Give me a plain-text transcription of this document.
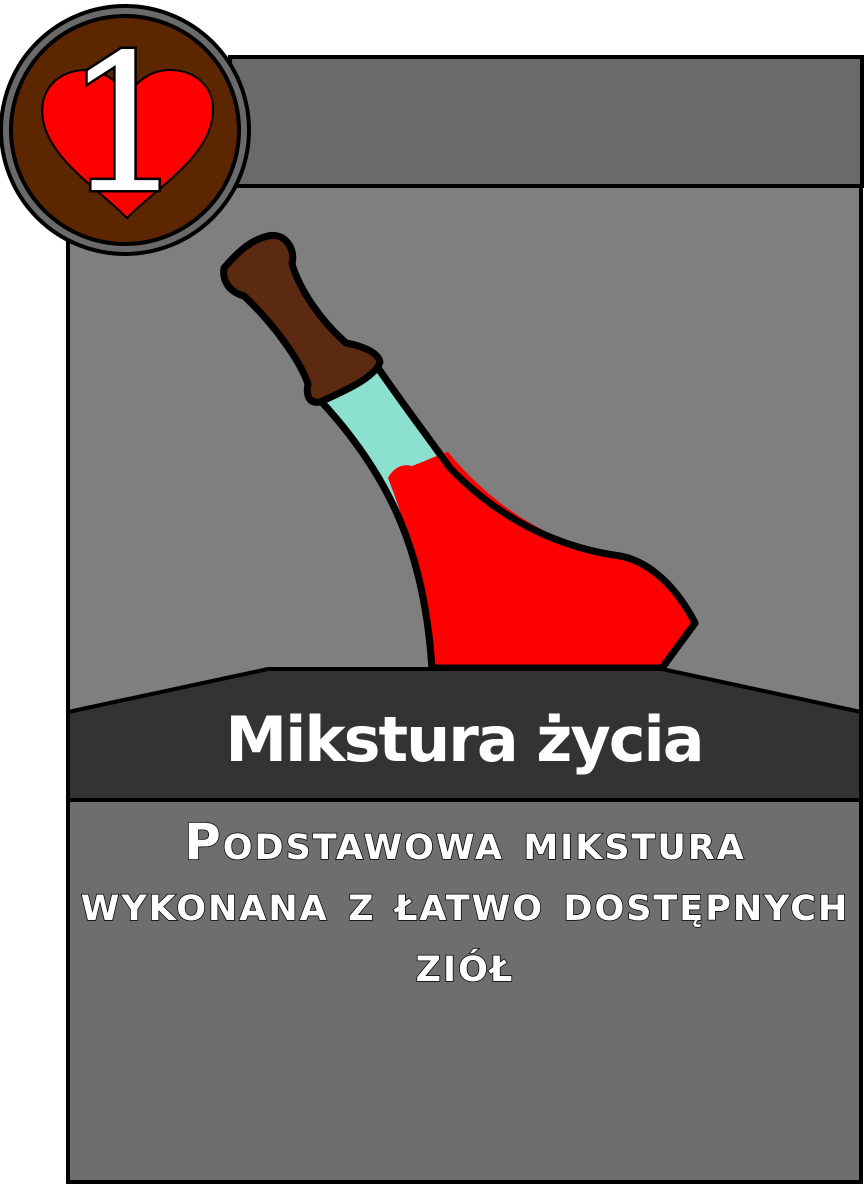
1
Mikstura życia
Podstawowa mikstura wykonana z łatwo dostępnych ziół
